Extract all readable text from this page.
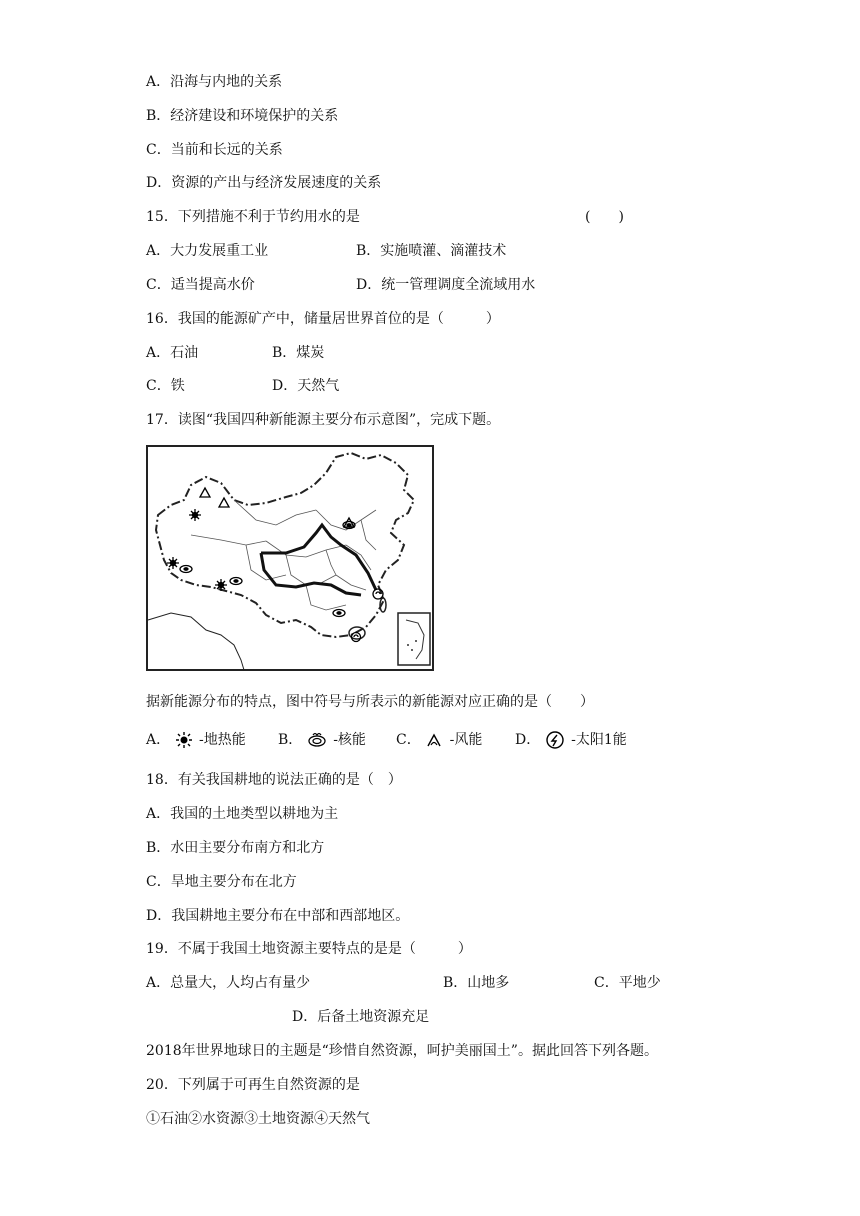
A．沿海与内地的关系
B．经济建设和环境保护的关系
C．当前和长远的关系
D．资源的产出与经济发展速度的关系
15．下列措施不利于节约用水的是	(　　)
A．大力发展重工业	B．实施喷灌、滴灌技术
C．适当提高水价	D．统一管理调度全流域用水
16．我国的能源矿产中，储量居世界首位的是（　　　）
A．石油	B．煤炭
C．铁	D．天然气
17．读图“我国四种新能源主要分布示意图”，完成下题。
据新能源分布的特点，图中符号与所表示的新能源对应正确的是（　　）
A． -地热能 B． -核能 C． -风能 D． -太阳1能
18．有关我国耕地的说法正确的是（　）
A．我国的土地类型以耕地为主
B．水田主要分布南方和北方
C．旱地主要分布在北方
D．我国耕地主要分布在中部和西部地区。
19．不属于我国土地资源主要特点的是是（　　　）
A．总量大，人均占有量少	B．山地多	C．平地少
D．后备土地资源充足
2018年世界地球日的主题是“珍惜自然资源，呵护美丽国土”。据此回答下列各题。
20．下列属于可再生自然资源的是
①石油②水资源③土地资源④天然气
